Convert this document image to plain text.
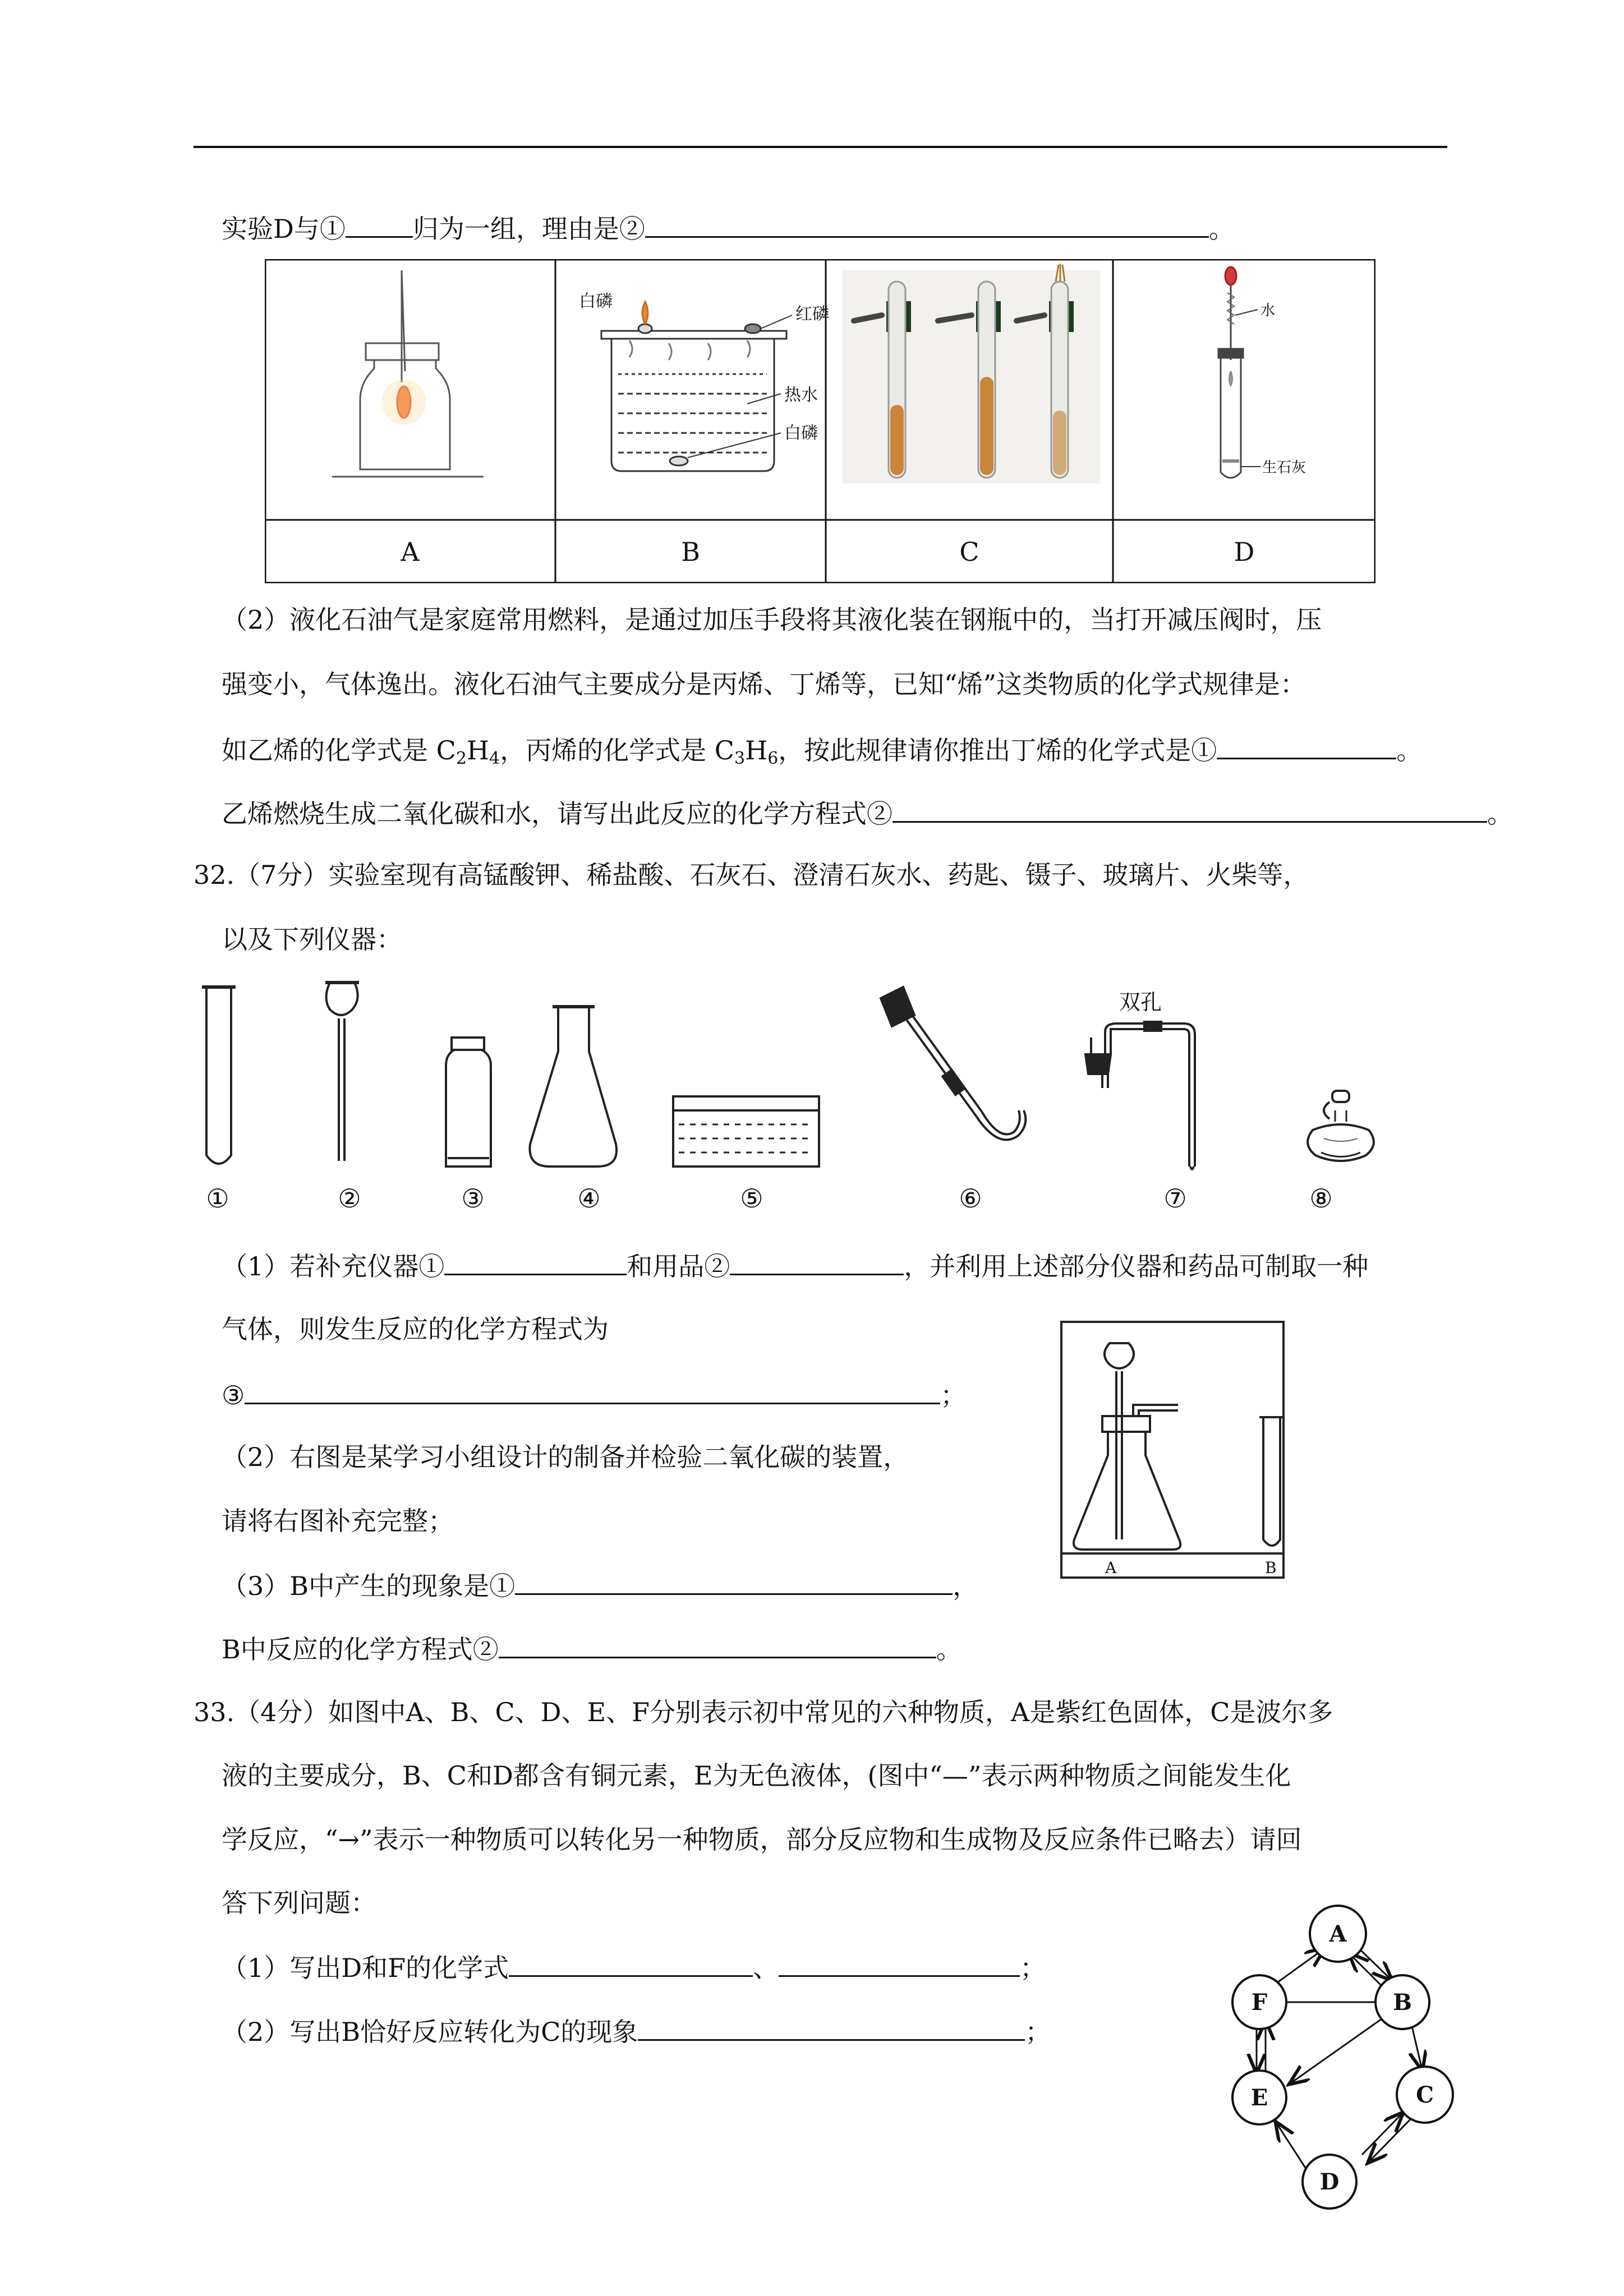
实验D与①	归为一组，理由是②	。
白磷
红磷
热水
白磷
水
生石灰
A	B	C	D
（2）液化石油气是家庭常用燃料，是通过加压手段将其液化装在钢瓶中的，当打开减压阀时，压
强变小，气体逸出。液化石油气主要成分是丙烯、丁烯等，已知“烯”这类物质的化学式规律是：
如乙烯的化学式是 $C_2H_4$，丙烯的化学式是 $C_3H_6$，按此规律请你推出丁烯的化学式是①	。
乙烯燃烧生成二氧化碳和水，请写出此反应的化学方程式②	。
32.（7分）实验室现有高锰酸钾、稀盐酸、石灰石、澄清石灰水、药匙、镊子、玻璃片、火柴等，
以及下列仪器：
双孔
①	②	③	④	⑤	⑥	⑦	⑧
（1）若补充仪器①	和用品②	，并利用上述部分仪器和药品可制取一种
气体，则发生反应的化学方程式为
③	；
（2）右图是某学习小组设计的制备并检验二氧化碳的装置，
请将右图补充完整；
（3）B中产生的现象是①	，
B中反应的化学方程式②	。
A	B
33.（4分）如图中A、B、C、D、E、F分别表示初中常见的六种物质，A是紫红色固体，C是波尔多
液的主要成分，B、C和D都含有铜元素，E为无色液体，(图中“—”表示两种物质之间能发生化
学反应，“→”表示一种物质可以转化另一种物质，部分反应物和生成物及反应条件已略去）请回
答下列问题：
（1）写出D和F的化学式	、	；
（2）写出B恰好反应转化为C的现象	；
A
B
C
D
E
F
